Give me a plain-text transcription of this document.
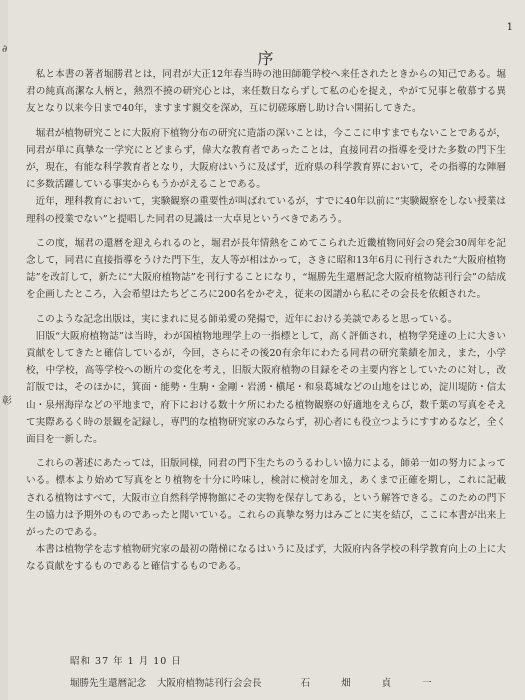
∂
彰
1
序

私と本書の著者堀勝君とは，同君が大正12年春当時の池田師範学校へ来任されたときからの知己である。堀君の純真高潔な人柄と，熱烈不撓の研究心とは，来任数日ならずして私の心を捉え，やがて兄事と敬慕する異友となり以来今日まで40年，ますます親交を深め，互に切磋琢磨し助け合い開拓してきた。

堀君が植物研究ことに大阪府下植物分布の研究に造詣の深いことは，今ここに申すまでもないことであるが，同君が単に真摯な一学究にとどまらず，偉大な教育者であったことは，直接同君の指導を受けた多数の門下生が，現在，有能な科学教育者となり，大阪府はいうに及ばず，近府県の科学教育界において，その指導的な陣層に多数活躍している事実からもうかがえることである。

近年，理科教育において，実験観察の重要性が叫ばれているが，すでに40年以前に“実験観察をしない授業は理科の授業でない”と提唱した同君の見識は一大卓見というべきであろう。

この度，堀君の還暦を迎えられるのと，堀君が長年情熱をこめてこられた近畿植物同好会の発会30周年を記念して，同君に直接指導をうけた門下生，友人等が相はかって，さきに昭和13年6月に刊行された“大阪府植物誌”を改訂して，新たに“大阪府植物誌”を刊行することになり，“堀勝先生還暦記念大阪府植物誌刊行会”の結成を企画したところ，入会希望はたちどころに200名をかぞえ，従来の図譜から私にその会長を依頼された。

このような記念出版は，実にまれに見る師弟愛の発揚で，近年における美談であると思っている。

旧版“大阪府植物誌”は当時，わが国植物地理学上の一指標として，高く評価され，植物学発達の上に大きい貢献をしてきたと確信しているが，今回，さらにその後20有余年にわたる同君の研究業績を加え，また，小学校，中学校，高等学校への断片の変化を考え，旧版大阪府植物の目録をその主要内容としていたのに対し，改訂版では，そのほかに，箕面・能勢・生駒・金剛・岩湧・槇尾・和泉葛城などの山地をはじめ，淀川堤防・信太山・泉州海岸などの平地まで，府下における数十ケ所にわたる植物観察の好適地をえらび，数千葉の写真をそえて実際あるく時の景観を記録し，専門的な植物研究家のみならず，初心者にも役立つようにすすめるなど，全く面目を一新した。

これらの著述にあたっては，旧版同様，同君の門下生たちのうるわしい協力による，師弟一如の努力によっている。標本より始めて写真をとり植物を十分に吟味し，検討に検討を加え，あくまで正確を期し，これに記載される植物はすべて，大阪市立自然科学博物館にその実物を保存してある，という解答できる。このための門下生の協力は予期外のものであったと聞いている。これらの真摯な努力はみごとに実を結び，ここに本書が出来上がったのである。

本書は植物学を志す植物研究家の最初の階梯になるはいうに及ばず，大阪府内各学校の科学教育向上の上に大なる貢献をするものであると確信するものである。

昭和 37 年 1 月 10 日
堀勝先生還暦記念 大阪府植物誌刊行会会長	石 畑 貞 一
